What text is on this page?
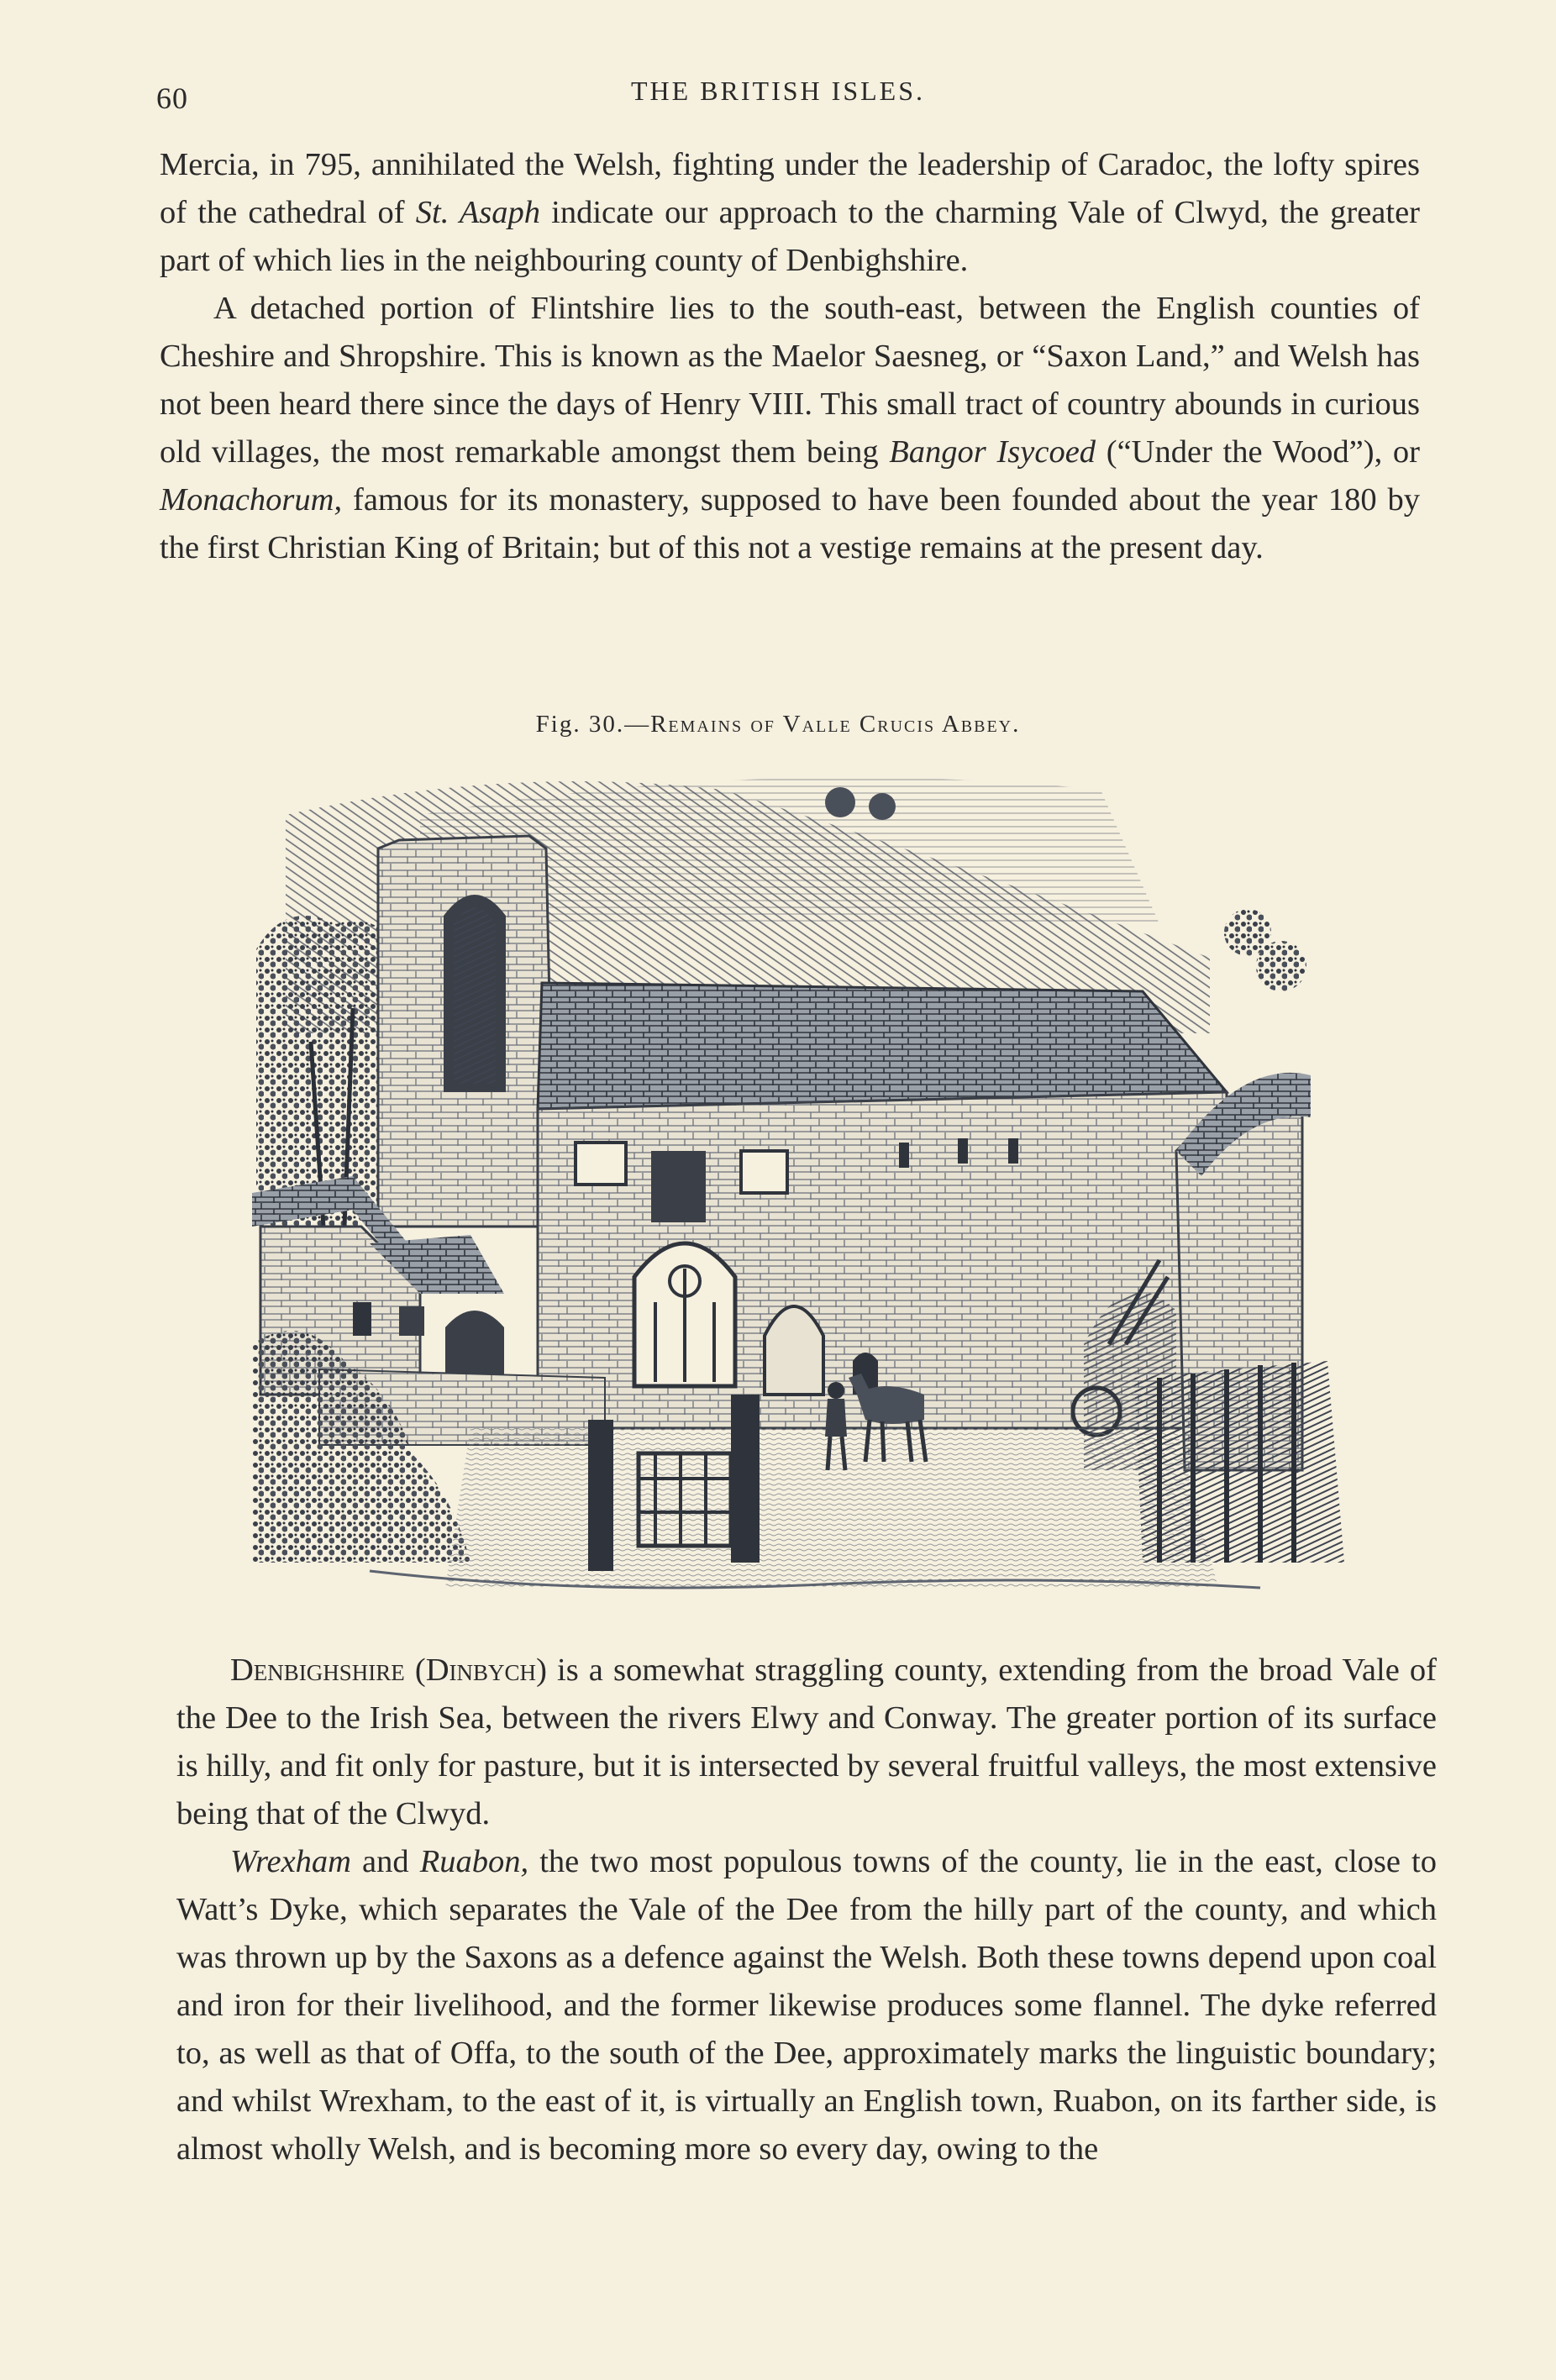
60	THE BRITISH ISLES.

Mercia, in 795, annihilated the Welsh, fighting under the leadership of Caradoc, the lofty spires of the cathedral of St. Asaph indicate our approach to the charming Vale of Clwyd, the greater part of which lies in the neighbouring county of Denbighshire.

A detached portion of Flintshire lies to the south-east, between the English counties of Cheshire and Shropshire. This is known as the Maelor Saesneg, or “Saxon Land,” and Welsh has not been heard there since the days of Henry VIII. This small tract of country abounds in curious old villages, the most remarkable amongst them being Bangor Isycoed (“Under the Wood”), or Monachorum, famous for its monastery, supposed to have been founded about the year 180 by the first Christian King of Britain; but of this not a vestige remains at the present day.

Fig. 30.—Remains of Valle Crucis Abbey.

Denbighshire (Dinbych) is a somewhat straggling county, extending from the broad Vale of the Dee to the Irish Sea, between the rivers Elwy and Conway. The greater portion of its surface is hilly, and fit only for pasture, but it is intersected by several fruitful valleys, the most extensive being that of the Clwyd.

Wrexham and Ruabon, the two most populous towns of the county, lie in the east, close to Watt’s Dyke, which separates the Vale of the Dee from the hilly part of the county, and which was thrown up by the Saxons as a defence against the Welsh. Both these towns depend upon coal and iron for their livelihood, and the former likewise produces some flannel. The dyke referred to, as well as that of Offa, to the south of the Dee, approximately marks the linguistic boundary; and whilst Wrexham, to the east of it, is virtually an English town, Ruabon, on its farther side, is almost wholly Welsh, and is becoming more so every day, owing to the
